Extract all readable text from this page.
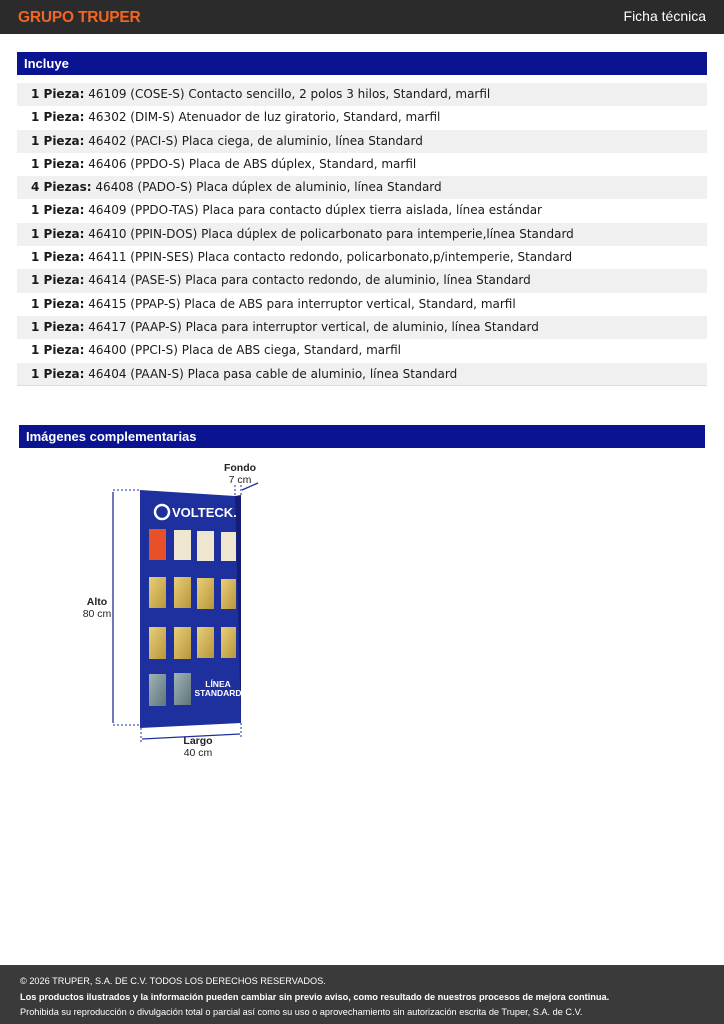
GRUPO TRUPER	Ficha técnica
Incluye
1 Pieza: 46109 (COSE-S) Contacto sencillo, 2 polos 3 hilos, Standard, marfil
1 Pieza: 46302 (DIM-S) Atenuador de luz giratorio, Standard, marfil
1 Pieza: 46402 (PACI-S) Placa ciega, de aluminio, línea Standard
1 Pieza: 46406 (PPDO-S) Placa de ABS dúplex, Standard, marfil
4 Piezas: 46408 (PADO-S) Placa dúplex de aluminio, línea Standard
1 Pieza: 46409 (PPDO-TAS) Placa para contacto dúplex tierra aislada, línea estándar
1 Pieza: 46410 (PPIN-DOS) Placa dúplex de policarbonato para intemperie,línea Standard
1 Pieza: 46411 (PPIN-SES) Placa contacto redondo, policarbonato,p/intemperie, Standard
1 Pieza: 46414 (PASE-S) Placa para contacto redondo, de aluminio, línea Standard
1 Pieza: 46415 (PPAP-S) Placa de ABS para interruptor vertical, Standard, marfil
1 Pieza: 46417 (PAAP-S) Placa para interruptor vertical, de aluminio, línea Standard
1 Pieza: 46400 (PPCI-S) Placa de ABS ciega, Standard, marfil
1 Pieza: 46404 (PAAN-S) Placa pasa cable de aluminio, línea Standard
Imágenes complementarias
VOLTECK.
LÍNEA
STANDARD
Fondo
7 cm
Alto
80 cm
Largo
40 cm
© 2026 TRUPER, S.A. DE C.V. TODOS LOS DERECHOS RESERVADOS.
Los productos ilustrados y la información pueden cambiar sin previo aviso, como resultado de nuestros procesos de mejora continua.
Prohibida su reproducción o divulgación total o parcial así como su uso o aprovechamiento sin autorización escrita de Truper, S.A. de C.V.
